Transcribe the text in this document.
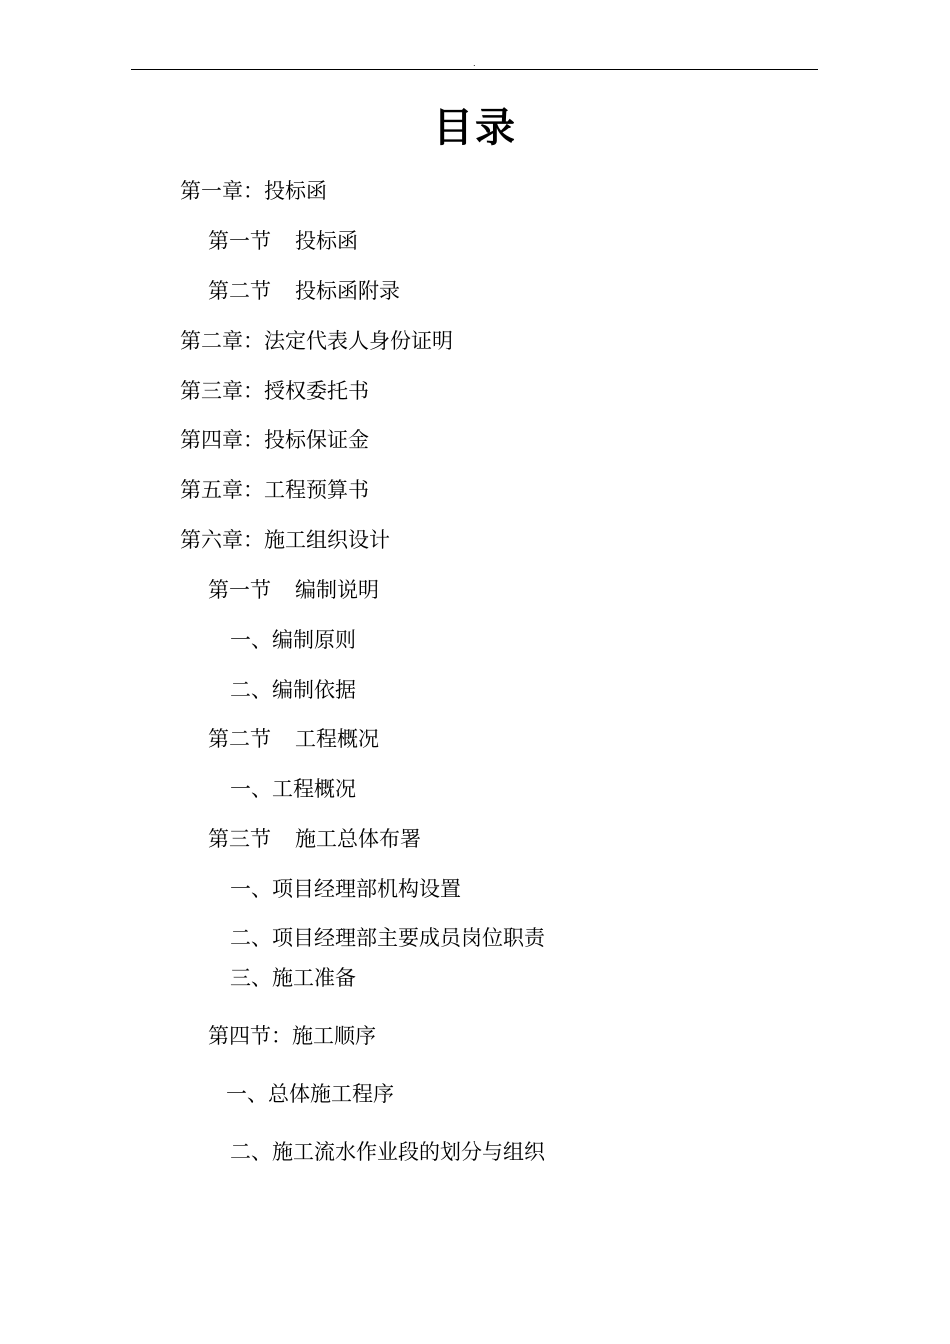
.
目录
第一章：投标函
第一节 投标函
第二节 投标函附录
第二章：法定代表人身份证明
第三章：授权委托书
第四章：投标保证金
第五章：工程预算书
第六章：施工组织设计
第一节 编制说明
一、编制原则
二、编制依据
第二节 工程概况
一、工程概况
第三节 施工总体布署
一、项目经理部机构设置
二、项目经理部主要成员岗位职责
三、施工准备
第四节：施工顺序
一、总体施工程序
二、施工流水作业段的划分与组织
